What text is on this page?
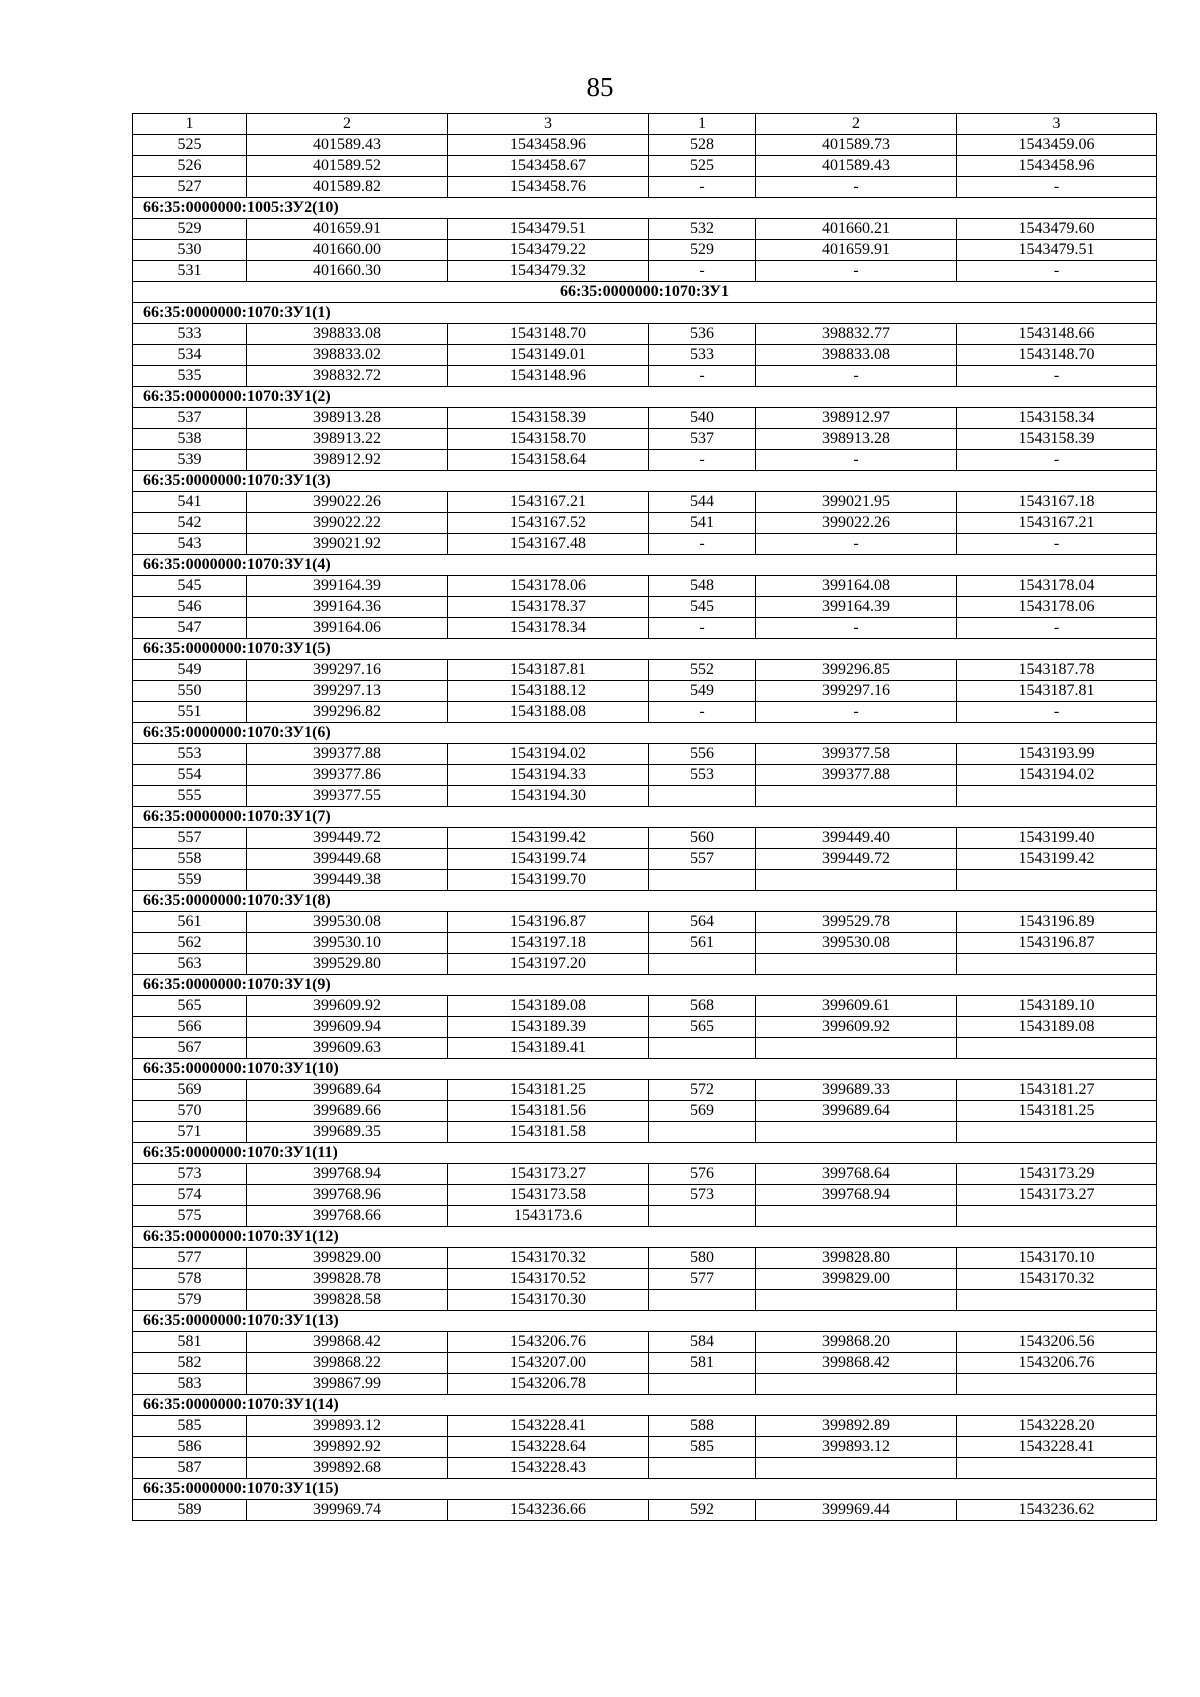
85
1	2	3	1	2	3
525	401589.43	1543458.96	528	401589.73	1543459.06
526	401589.52	1543458.67	525	401589.43	1543458.96
527	401589.82	1543458.76	-	-	-
66:35:0000000:1005:ЗУ2(10)					
529	401659.91	1543479.51	532	401660.21	1543479.60
530	401660.00	1543479.22	529	401659.91	1543479.51
531	401660.30	1543479.32	-	-	-
66:35:0000000:1070:ЗУ1					
66:35:0000000:1070:ЗУ1(1)					
533	398833.08	1543148.70	536	398832.77	1543148.66
534	398833.02	1543149.01	533	398833.08	1543148.70
535	398832.72	1543148.96	-	-	-
66:35:0000000:1070:ЗУ1(2)					
537	398913.28	1543158.39	540	398912.97	1543158.34
538	398913.22	1543158.70	537	398913.28	1543158.39
539	398912.92	1543158.64	-	-	-
66:35:0000000:1070:ЗУ1(3)					
541	399022.26	1543167.21	544	399021.95	1543167.18
542	399022.22	1543167.52	541	399022.26	1543167.21
543	399021.92	1543167.48	-	-	-
66:35:0000000:1070:ЗУ1(4)					
545	399164.39	1543178.06	548	399164.08	1543178.04
546	399164.36	1543178.37	545	399164.39	1543178.06
547	399164.06	1543178.34	-	-	-
66:35:0000000:1070:ЗУ1(5)					
549	399297.16	1543187.81	552	399296.85	1543187.78
550	399297.13	1543188.12	549	399297.16	1543187.81
551	399296.82	1543188.08	-	-	-
66:35:0000000:1070:ЗУ1(6)					
553	399377.88	1543194.02	556	399377.58	1543193.99
554	399377.86	1543194.33	553	399377.88	1543194.02
555	399377.55	1543194.30			
66:35:0000000:1070:ЗУ1(7)					
557	399449.72	1543199.42	560	399449.40	1543199.40
558	399449.68	1543199.74	557	399449.72	1543199.42
559	399449.38	1543199.70			
66:35:0000000:1070:ЗУ1(8)					
561	399530.08	1543196.87	564	399529.78	1543196.89
562	399530.10	1543197.18	561	399530.08	1543196.87
563	399529.80	1543197.20			
66:35:0000000:1070:ЗУ1(9)					
565	399609.92	1543189.08	568	399609.61	1543189.10
566	399609.94	1543189.39	565	399609.92	1543189.08
567	399609.63	1543189.41			
66:35:0000000:1070:ЗУ1(10)					
569	399689.64	1543181.25	572	399689.33	1543181.27
570	399689.66	1543181.56	569	399689.64	1543181.25
571	399689.35	1543181.58			
66:35:0000000:1070:ЗУ1(11)					
573	399768.94	1543173.27	576	399768.64	1543173.29
574	399768.96	1543173.58	573	399768.94	1543173.27
575	399768.66	1543173.6			
66:35:0000000:1070:ЗУ1(12)					
577	399829.00	1543170.32	580	399828.80	1543170.10
578	399828.78	1543170.52	577	399829.00	1543170.32
579	399828.58	1543170.30			
66:35:0000000:1070:ЗУ1(13)					
581	399868.42	1543206.76	584	399868.20	1543206.56
582	399868.22	1543207.00	581	399868.42	1543206.76
583	399867.99	1543206.78			
66:35:0000000:1070:ЗУ1(14)					
585	399893.12	1543228.41	588	399892.89	1543228.20
586	399892.92	1543228.64	585	399893.12	1543228.41
587	399892.68	1543228.43			
66:35:0000000:1070:ЗУ1(15)					
589	399969.74	1543236.66	592	399969.44	1543236.62
